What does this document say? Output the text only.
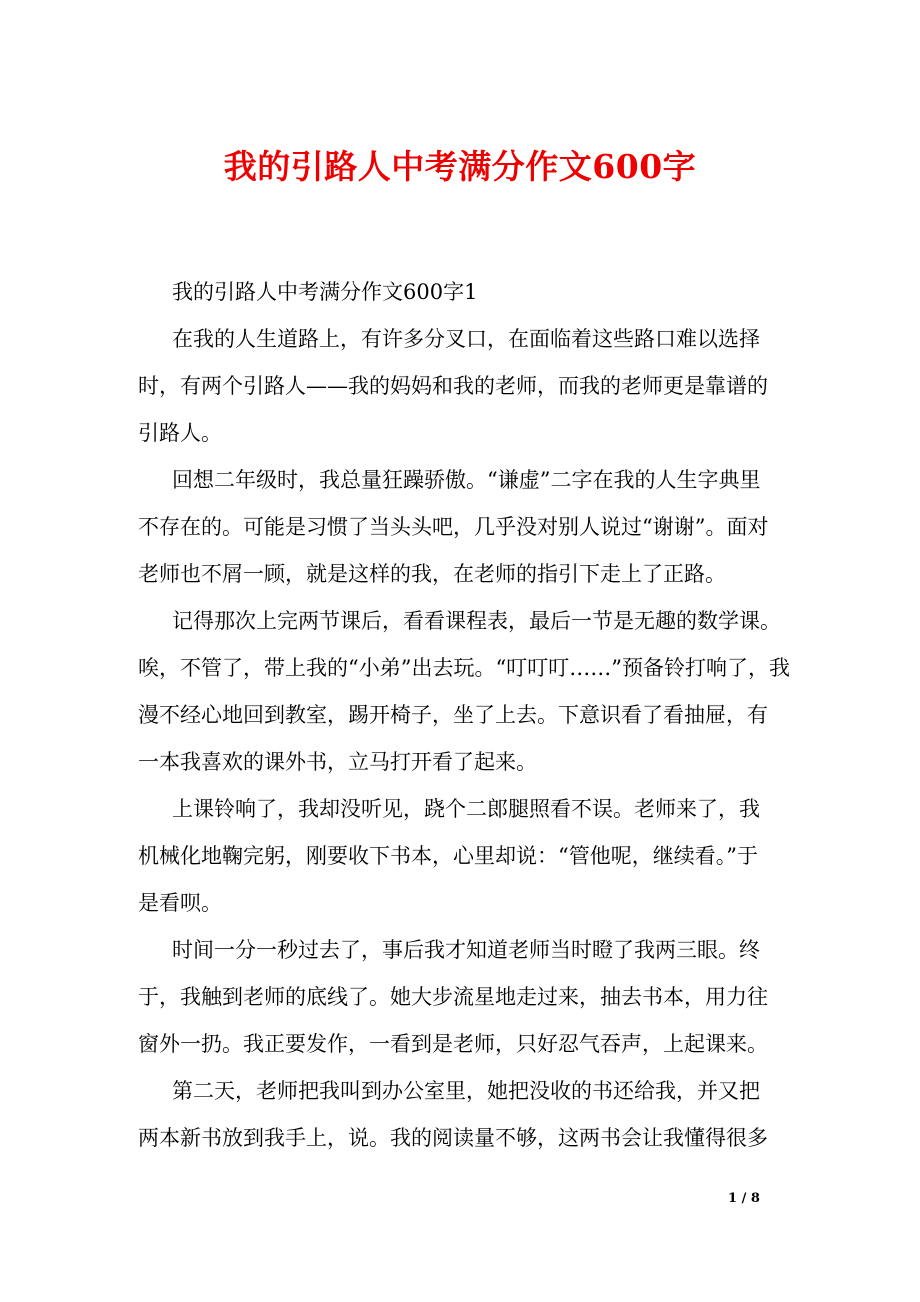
我的引路人中考满分作文600字
我的引路人中考满分作文600字1
在我的人生道路上，有许多分叉口，在面临着这些路口难以选择
时，有两个引路人——我的妈妈和我的老师，而我的老师更是靠谱的
引路人。
回想二年级时，我总量狂躁骄傲。“谦虚”二字在我的人生字典里
不存在的。可能是习惯了当头头吧，几乎没对别人说过“谢谢”。面对
老师也不屑一顾，就是这样的我，在老师的指引下走上了正路。
记得那次上完两节课后，看看课程表，最后一节是无趣的数学课。
唉，不管了，带上我的“小弟”出去玩。“叮叮叮……”预备铃打响了，我
漫不经心地回到教室，踢开椅子，坐了上去。下意识看了看抽屉，有
一本我喜欢的课外书，立马打开看了起来。
上课铃响了，我却没听见，跷个二郎腿照看不误。老师来了，我
机械化地鞠完躬，刚要收下书本，心里却说：“管他呢，继续看。”于
是看呗。
时间一分一秒过去了，事后我才知道老师当时瞪了我两三眼。终
于，我触到老师的底线了。她大步流星地走过来，抽去书本，用力往
窗外一扔。我正要发作，一看到是老师，只好忍气吞声，上起课来。
第二天，老师把我叫到办公室里，她把没收的书还给我，并又把
两本新书放到我手上，说。我的阅读量不够，这两书会让我懂得很多
1 / 8
